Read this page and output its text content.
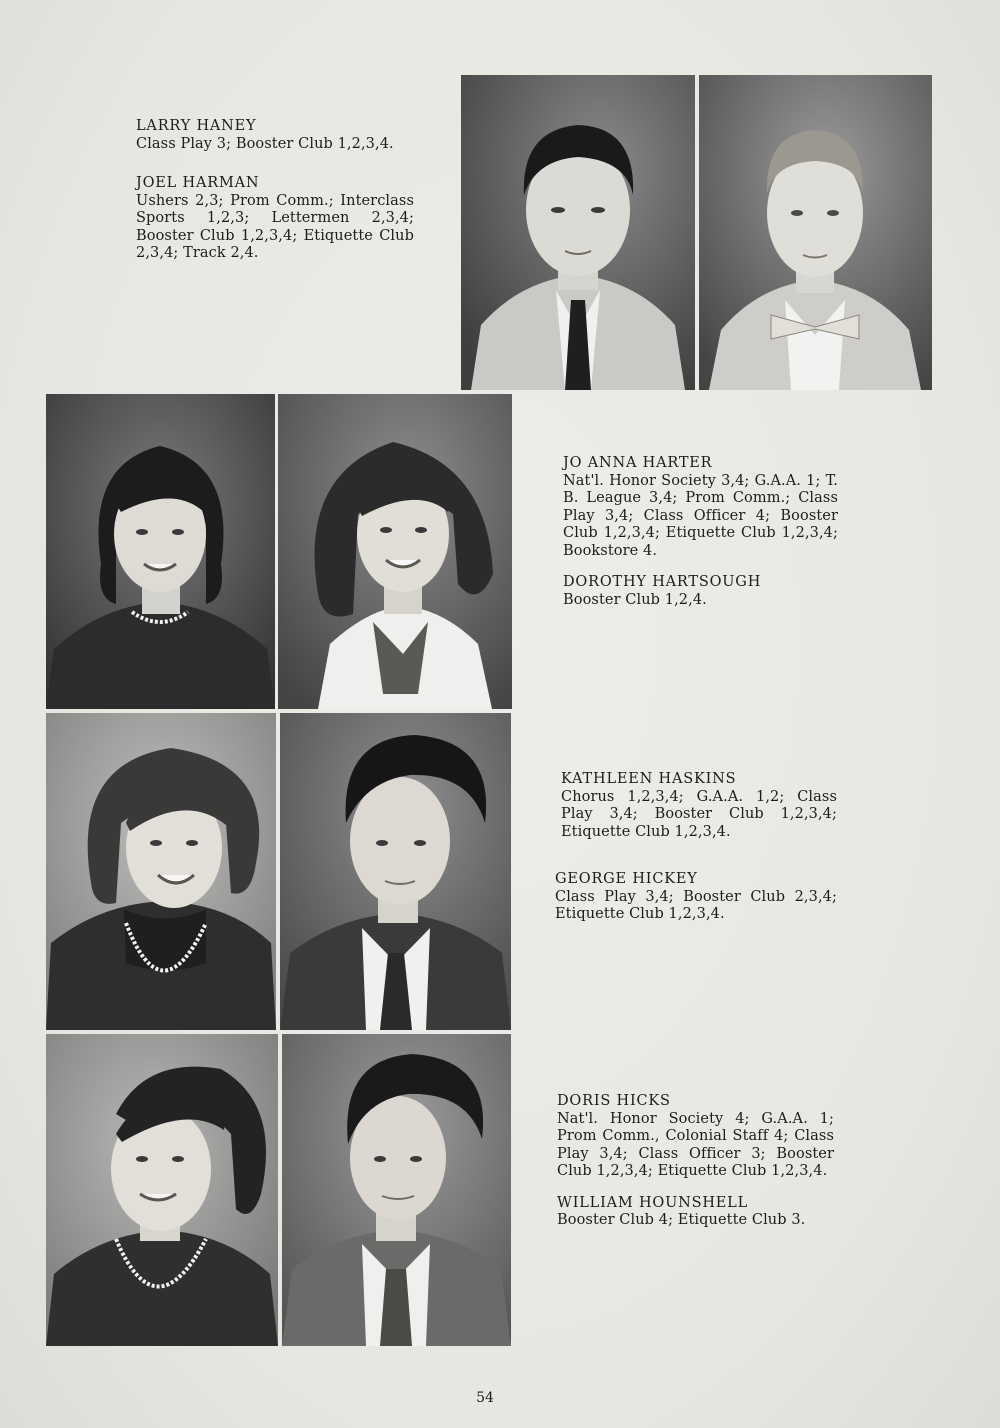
LARRY HANEY
Class Play 3; Booster Club 1,2,3,4.
JOEL HARMAN
Ushers 2,3; Prom Comm.; Interclass Sports 1,2,3; Lettermen 2,3,4; Booster Club 1,2,3,4; Etiquette Club 2,3,4; Track 2,4.
JO ANNA HARTER
Nat'l. Honor Society 3,4; G.A.A. 1; T. B. League 3,4; Prom Comm.; Class Play 3,4; Class Officer 4; Booster Club 1,2,3,4; Etiquette Club 1,2,3,4; Bookstore 4.
DOROTHY HARTSOUGH
Booster Club 1,2,4.
KATHLEEN HASKINS
Chorus 1,2,3,4; G.A.A. 1,2; Class Play 3,4; Booster Club 1,2,3,4; Etiquette Club 1,2,3,4.
GEORGE HICKEY
Class Play 3,4; Booster Club 2,3,4; Etiquette Club 1,2,3,4.
DORIS HICKS
Nat'l. Honor Society 4; G.A.A. 1; Prom Comm., Colonial Staff 4; Class Play 3,4; Class Officer 3; Booster Club 1,2,3,4; Etiquette Club 1,2,3,4.
WILLIAM HOUNSHELL
Booster Club 4; Etiquette Club 3.
54
